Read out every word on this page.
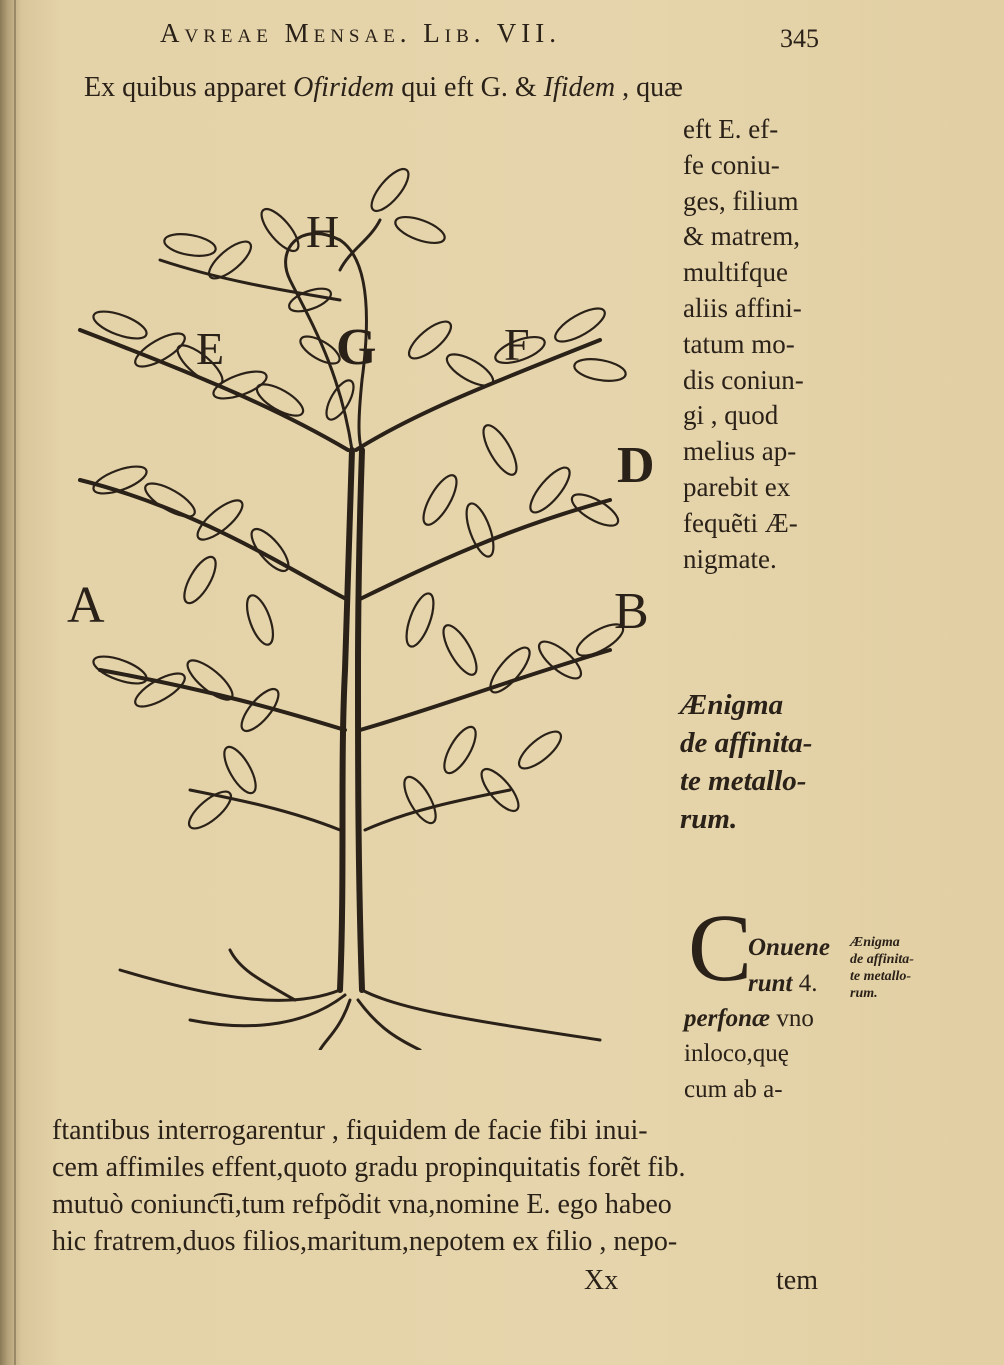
Avreae Mensae. Lib. VII.	345
Ex quibus apparet Ofiridem qui eft G. & Ifidem , quæ
eft E. ef-
fe coniu-
ges, filium
& matrem,
multifque
aliis affini-
tatum mo-
dis coniun-
gi , quod
melius ap-
parebit ex
fequẽti Æ-
nigmate.
H
G
E	F
D
A	B
Ænigma
de affinita-
te metallo-
rum.
C
Onuene
runt 4.
perfonæ vno
inloco,quę
cum ab a-
Ænigma
de affinita-
te metallo-
rum.
ftantibus interrogarentur , fiquidem de facie fibi inui-
cem affimiles effent,quoto gradu propinquitatis forẽt fib.
mutuò coniunc͡ti,tum refpõdit vna,nomine E. ego habeo
hic fratrem,duos filios,maritum,nepotem ex filio , nepo-
Xx	tem
